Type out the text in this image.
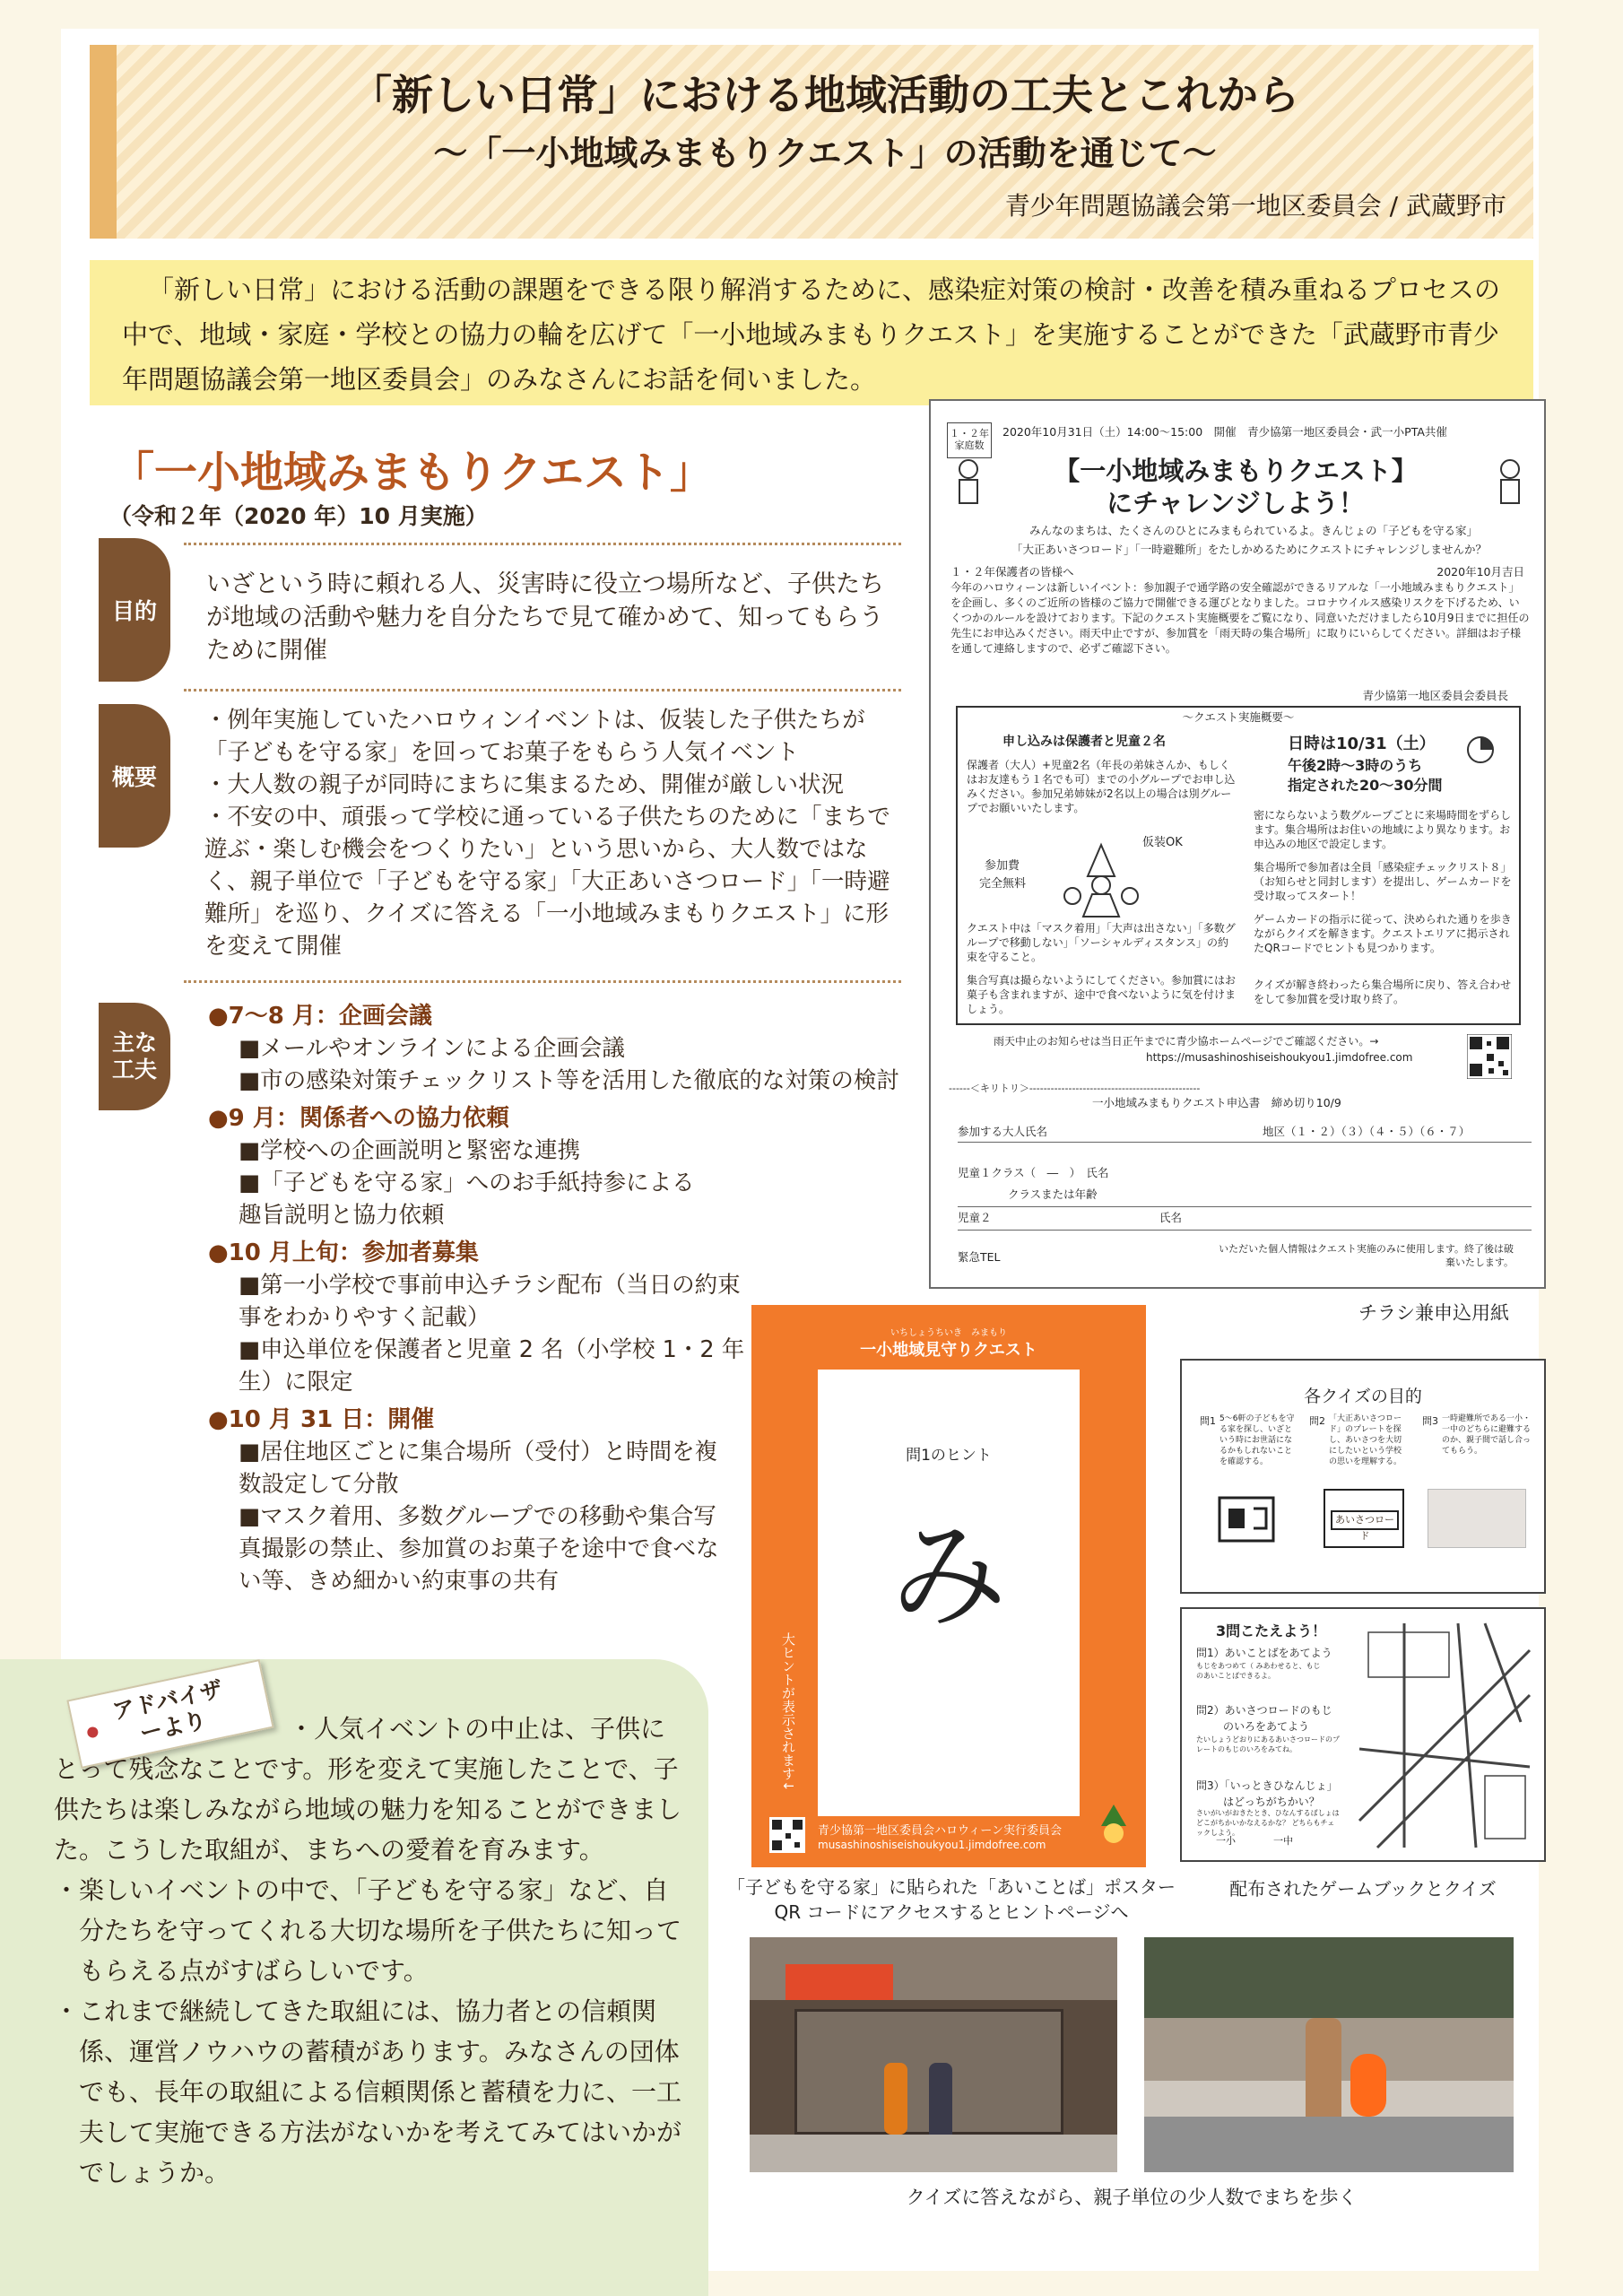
「新しい日常」における地域活動の工夫とこれから
～「一小地域みまもりクエスト」の活動を通じて～
青少年問題協議会第一地区委員会 / 武蔵野市
「新しい日常」における活動の課題をできる限り解消するために、感染症対策の検討・改善を積み重ねるプロセスの中で、地域・家庭・学校との協力の輪を広げて「一小地域みまもりクエスト」を実施することができた「武蔵野市青少年問題協議会第一地区委員会」のみなさんにお話を伺いました。
「一小地域みまもりクエスト」
（令和２年（2020 年）10 月実施）
目的
いざという時に頼れる人、災害時に役立つ場所など、子供たちが地域の活動や魅力を自分たちで見て確かめて、知ってもらうために開催
概要
・例年実施していたハロウィンイベントは、仮装した子供たちが「子どもを守る家」を回ってお菓子をもらう人気イベント
・大人数の親子が同時にまちに集まるため、開催が厳しい状況
・不安の中、頑張って学校に通っている子供たちのために「まちで遊ぶ・楽しむ機会をつくりたい」という思いから、大人数ではなく、親子単位で「子どもを守る家」「大正あいさつロード」「一時避難所」を巡り、クイズに答える「一小地域みまもりクエスト」に形を変えて開催
主な
工夫
●7～8 月：企画会議
■メールやオンラインによる企画会議
■市の感染対策チェックリスト等を活用した徹底的な対策の検討
●9 月：関係者への協力依頼
■学校への企画説明と緊密な連携
■「子どもを守る家」へのお手紙持参による趣旨説明と協力依頼
●10 月上旬：参加者募集
■第一小学校で事前申込チラシ配布（当日の約束事をわかりやすく記載）
■申込単位を保護者と児童 2 名（小学校 1・2 年生）に限定
●10 月 31 日：開催
■居住地区ごとに集合場所（受付）と時間を複数設定して分散
■マスク着用、多数グループでの移動や集合写真撮影の禁止、参加賞のお菓子を途中で食べない等、きめ細かい約束事の共有
アドバイザーより	・人気イベントの中止は、子供にとって残念なことです。形を変えて実施したことで、子供たちは楽しみながら地域の魅力を知ることができました。こうした取組が、まちへの愛着を育みます。
・楽しいイベントの中で、「子どもを守る家」など、自分たちを守ってくれる大切な場所を子供たちに知ってもらえる点がすばらしいです。
・これまで継続してきた取組には、協力者との信頼関係、運営ノウハウの蓄積があります。みなさんの団体でも、長年の取組による信頼関係と蓄積を力に、一工夫して実施できる方法がないかを考えてみてはいかがでしょうか。
１・２年
家庭数
2020年10月31日（土）14:00～15:00　開催　青少協第一地区委員会・武一小PTA共催
【一小地域みまもりクエスト】
にチャレンジしよう！
みんなのまちは、たくさんのひとにみまもられているよ。きんじょの「子どもを守る家」
「大正あいさつロード」「一時避難所」をたしかめるためにクエストにチャレンジしませんか？
１・２年保護者の皆様へ	2020年10月吉日
今年のハロウィーンは新しいイベント：参加親子で通学路の安全確認ができるリアルな「一小地域みまもりクエスト」を企画し、多くのご近所の皆様のご協力で開催できる運びとなりました。コロナウイルス感染リスクを下げるため、いくつかのルールを設けております。下記のクエスト実施概要をご覧になり、同意いただけましたら10月9日までに担任の先生にお申込みください。雨天中止ですが、参加賞を「雨天時の集合場所」に取りにいらしてください。詳細はお子様を通して連絡しますので、必ずご確認下さい。
青少協第一地区委員会委員長
～クエスト実施概要～
申し込みは保護者と児童２名
保護者（大人）+児童2名（年長の弟妹さんか、もしくはお友達もう１名でも可）までの小グループでお申し込みください。参加兄弟姉妹が2名以上の場合は別グループでお願いいたします。
日時は10/31（土）
午後2時～3時のうち
指定された20～30分間
参加費
完全無料
仮装OK
密にならないよう数グループごとに来場時間をずらします。集合場所はお住いの地域により異なります。お申込みの地区で設定します。
集合場所で参加者は全員「感染症チェックリスト８」（お知らせと同封します）を提出し、ゲームカードを受け取ってスタート！
ゲームカードの指示に従って、決められた通りを歩きながらクイズを解きます。クエストエリアに掲示されたQRコードでヒントも見つかります。
クイズが解き終わったら集合場所に戻り、答え合わせをして参加賞を受け取り終了。
クエスト中は「マスク着用」「大声は出さない」「多数グループで移動しない」「ソーシャルディスタンス」の約束を守ること。
集合写真は撮らないようにしてください。参加賞にはお菓子も含まれますが、途中で食べないように気を付けましょう。
雨天中止のお知らせは当日正午までに青少協ホームページでご確認ください。→
https://musashinoshiseishoukyou1.jimdofree.com
------＜キリトリ＞------------------------------------------------
一小地域みまもりクエスト申込書　締め切り10/9
参加する大人氏名	地区（１・２）（３）（４・５）（６・７）
児童１クラス（　―　）　氏名
クラスまたは年齢
児童２　　　　　　　　　　　　　　　氏名
緊急TEL
いただいた個人情報はクエスト実施のみに使用します。終了後は破棄いたします。
チラシ兼申込用紙
いちしょうちいき　みまもり
一小地域見守りクエスト
問1のヒント
み
大ヒントが表示されます↓
青少協第一地区委員会ハロウィーン実行委員会
musashinoshiseishoukyou1.jimdofree.com
「子どもを守る家」に貼られた「あいことば」ポスター
QR コードにアクセスするとヒントページへ
各クイズの目的
問1 5～6軒の子どもを守る家を探し、いざという時にお世話になるかもしれないことを確認する。
問2 「大正あいさつロード」のプレートを探し、あいさつを大切にしたいという学校の思いを理解する。
問3 一時避難所である一小・一中のどちらに避難するのか、親子間で話し合ってもらう。
あいさつロード
3問こたえよう！
問1）あいことばをあてよう
もじをあつめて（ みあわせると、もじのあいことばできるよ。
問2）あいさつロードのもじ
のいろをあてよう
たいしょうどおりにあるあいさつロードのプレートのもじのいろをみてね。
問3）「いっときひなんじょ」
はどっちがちかい？
さいがいがおきたとき、ひなんするばしょはどこがちかいかなえるかな？ どちらもチェックしよう。
一小	一中
配布されたゲームブックとクイズ
クイズに答えながら、親子単位の少人数でまちを歩く
